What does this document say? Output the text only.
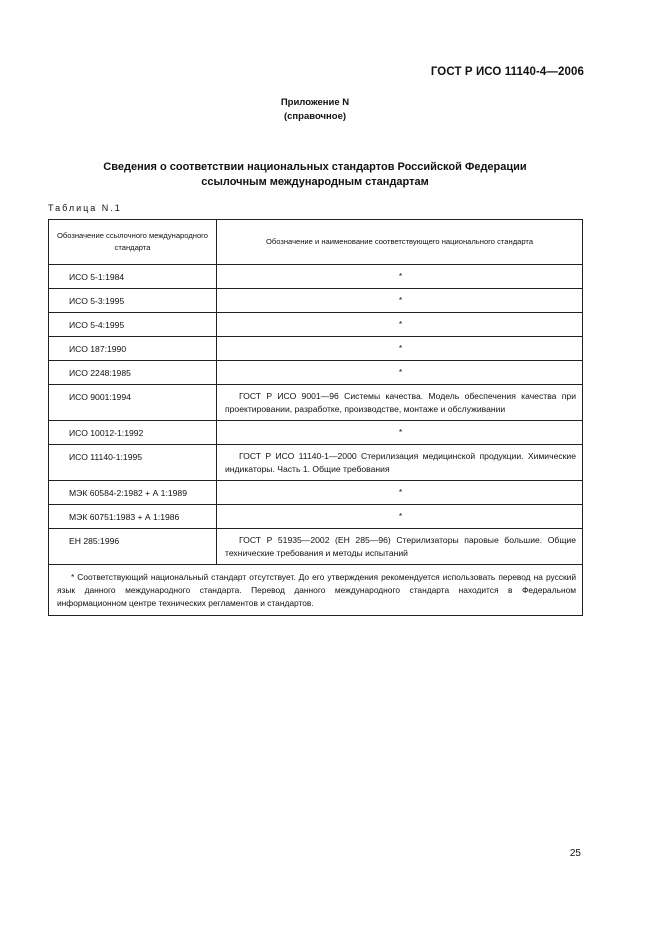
ГОСТ Р ИСО 11140-4—2006
Приложение N
(справочное)
Сведения о соответствии национальных стандартов Российской Федерации
ссылочным международным стандартам
Таблица N.1
Обозначение ссылочного международного стандарта	Обозначение и наименование соответствующего национального стандарта
ИСО 5-1:1984	*
ИСО 5-3:1995	*
ИСО 5-4:1995	*
ИСО 187:1990	*
ИСО 2248:1985	*
ИСО 9001:1994	ГОСТ Р ИСО 9001—96 Системы качества. Модель обеспечения качества при проектировании, разработке, производстве, монтаже и обслуживании
ИСО 10012-1:1992	*
ИСО 11140-1:1995	ГОСТ Р ИСО 11140-1—2000 Стерилизация медицинской продукции. Химические индикаторы. Часть 1. Общие требования
МЭК 60584-2:1982 + А 1:1989	*
МЭК 60751:1983 + А 1:1986	*
ЕН 285:1996	ГОСТ Р 51935—2002 (ЕН 285—96) Стерилизаторы паровые большие. Общие технические требования и методы испытаний
* Соответствующий национальный стандарт отсутствует. До его утверждения рекомендуется использовать перевод на русский язык данного международного стандарта. Перевод данного международного стандарта находится в Федеральном информационном центре технических регламентов и стандартов.	
25
